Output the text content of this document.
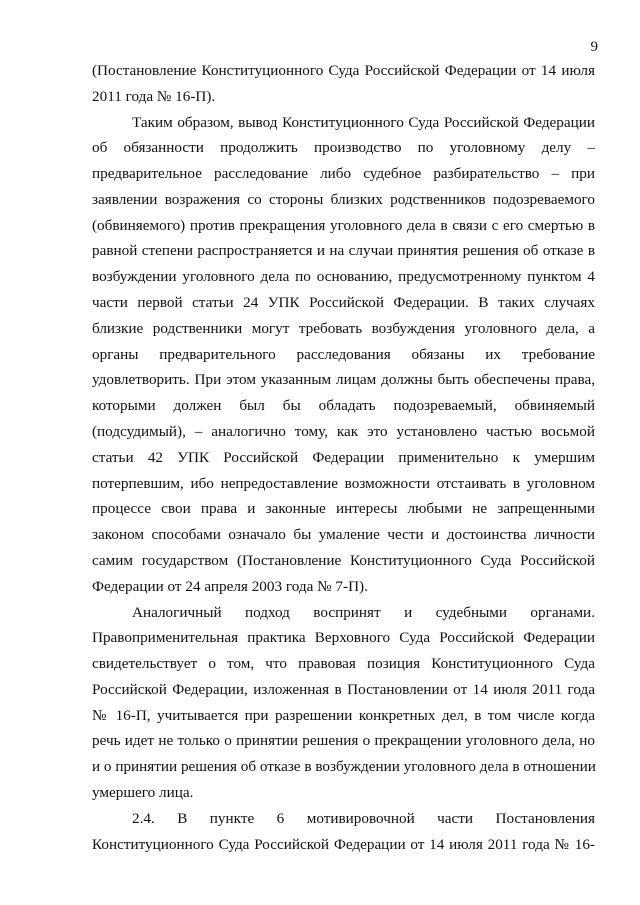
9
(Постановление Конституционного Суда Российской Федерации от 14 июля
2011 года № 16-П).
Таким образом, вывод Конституционного Суда Российской Федерации
об обязанности продолжить производство по уголовному делу –
предварительное расследование либо судебное разбирательство – при
заявлении возражения со стороны близких родственников подозреваемого
(обвиняемого) против прекращения уголовного дела в связи с его смертью в
равной степени распространяется и на случаи принятия решения об отказе в
возбуждении уголовного дела по основанию, предусмотренному пунктом 4
части первой статьи 24 УПК Российской Федерации. В таких случаях
близкие родственники могут требовать возбуждения уголовного дела, а
органы предварительного расследования обязаны их требование
удовлетворить. При этом указанным лицам должны быть обеспечены права,
которыми должен был бы обладать подозреваемый, обвиняемый
(подсудимый), – аналогично тому, как это установлено частью восьмой
статьи 42 УПК Российской Федерации применительно к умершим
потерпевшим, ибо непредоставление возможности отстаивать в уголовном
процессе свои права и законные интересы любыми не запрещенными
законом способами означало бы умаление чести и достоинства личности
самим государством (Постановление Конституционного Суда Российской
Федерации от 24 апреля 2003 года № 7-П).
Аналогичный подход воспринят и судебными органами.
Правоприменительная практика Верховного Суда Российской Федерации
свидетельствует о том, что правовая позиция Конституционного Суда
Российской Федерации, изложенная в Постановлении от 14 июля 2011 года
№ 16-П, учитывается при разрешении конкретных дел, в том числе когда
речь идет не только о принятии решения о прекращении уголовного дела, но
и о принятии решения об отказе в возбуждении уголовного дела в отношении
умершего лица.
2.4. В пункте 6 мотивировочной части Постановления
Конституционного Суда Российской Федерации от 14 июля 2011 года № 16-
